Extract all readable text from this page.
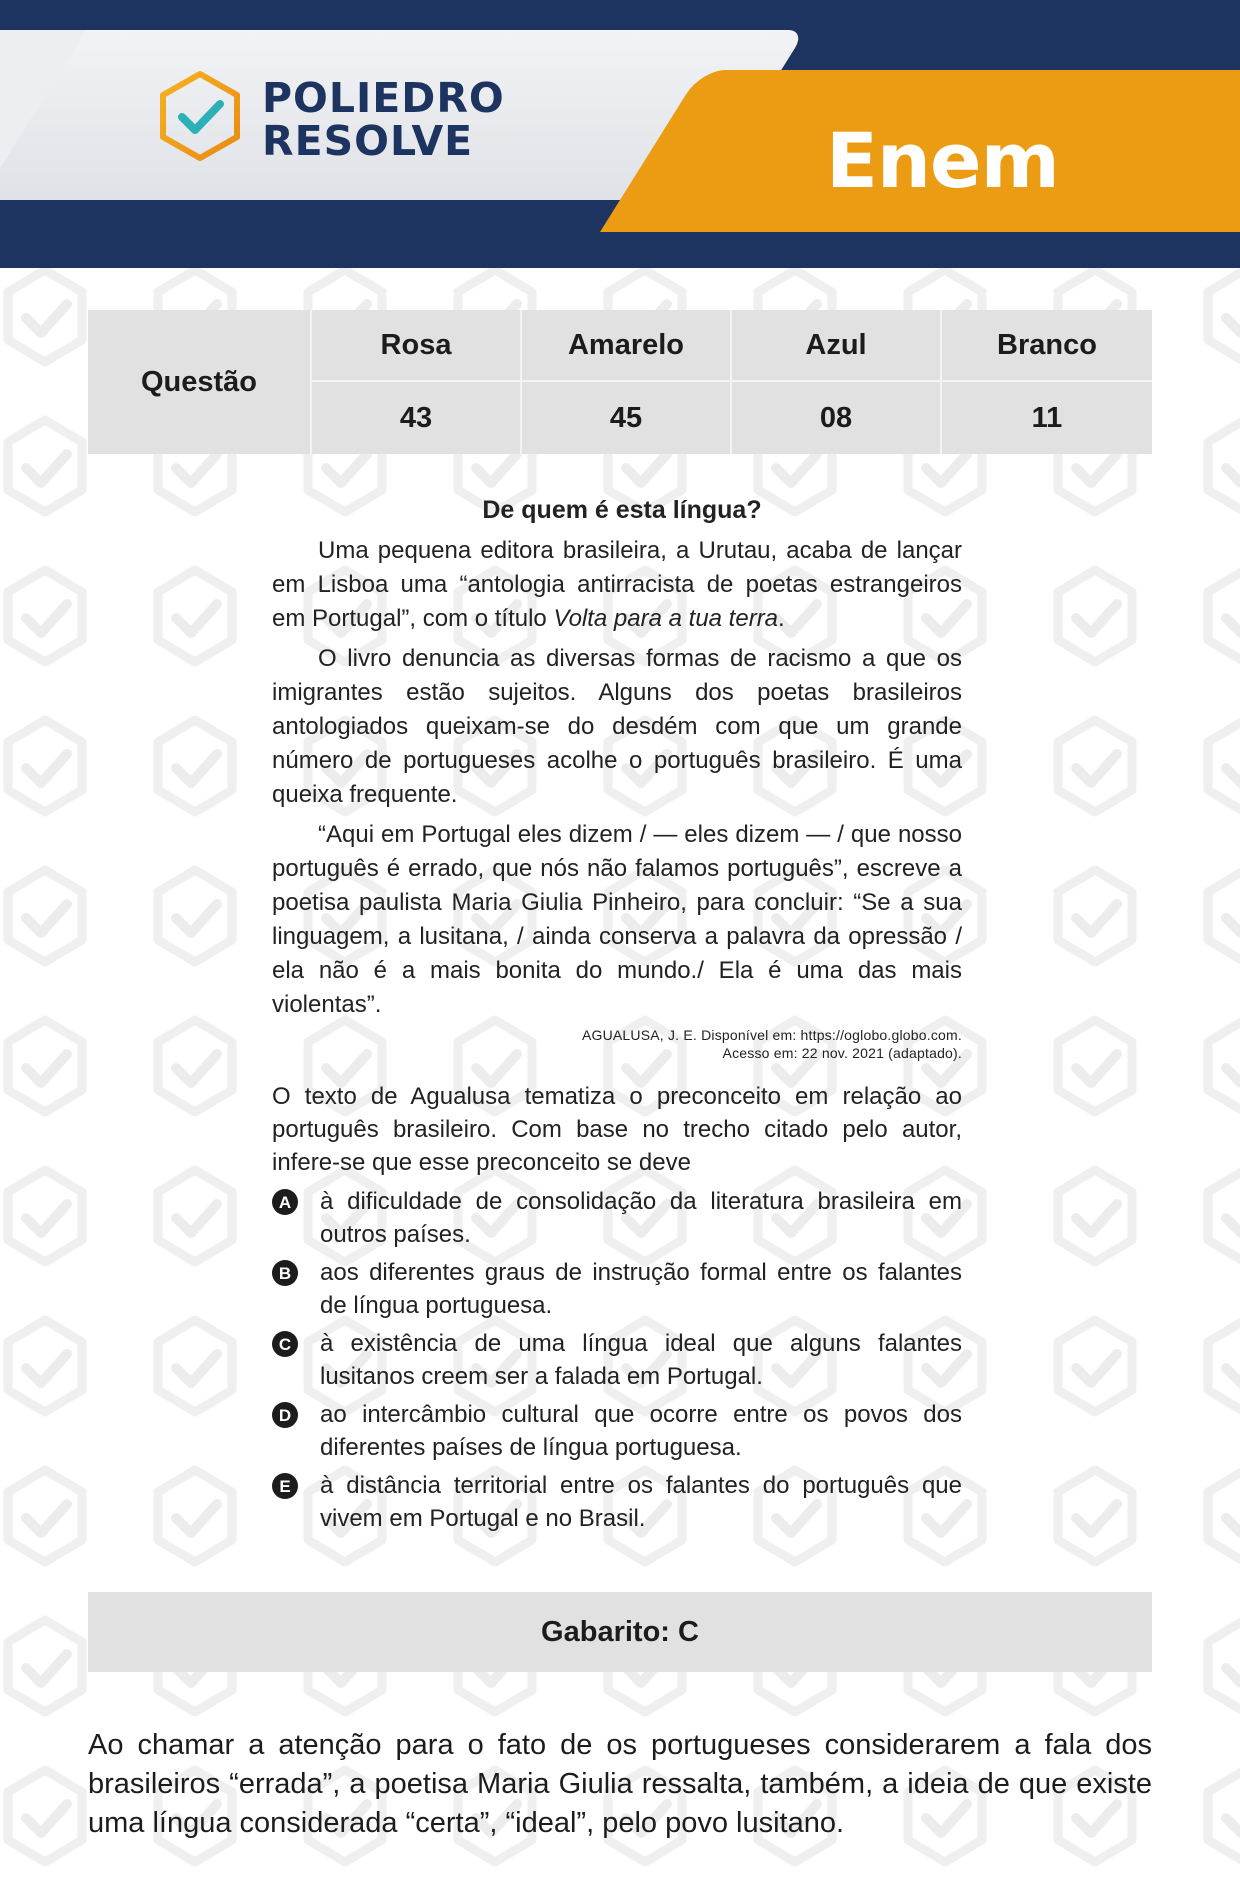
POLIEDRO
RESOLVE	Enem
Questão
Rosa	Amarelo	Azul	Branco
43	45	08	11
De quem é esta língua?

Uma pequena editora brasileira, a Urutau, acaba de lançar em Lisboa uma “antologia antirracista de poetas estrangeiros em Portugal”, com o título Volta para a tua terra.

O livro denuncia as diversas formas de racismo a que os imigrantes estão sujeitos. Alguns dos poetas brasileiros antologiados queixam-se do desdém com que um grande número de portugueses acolhe o português brasileiro. É uma queixa frequente.

“Aqui em Portugal eles dizem / — eles dizem — / que nosso português é errado, que nós não falamos português”, escreve a poetisa paulista Maria Giulia Pinheiro, para concluir: “Se a sua linguagem, a lusitana, / ainda conserva a palavra da opressão / ela não é a mais bonita do mundo./ Ela é uma das mais violentas”.

AGUALUSA, J. E. Disponível em: https://oglobo.globo.com.
Acesso em: 22 nov. 2021 (adaptado).

O texto de Agualusa tematiza o preconceito em relação ao português brasileiro. Com base no trecho citado pelo autor, infere-se que esse preconceito se deve

A à dificuldade de consolidação da literatura brasileira em outros países.
B aos diferentes graus de instrução formal entre os falantes de língua portuguesa.
C à existência de uma língua ideal que alguns falantes lusitanos creem ser a falada em Portugal.
D ao intercâmbio cultural que ocorre entre os povos dos diferentes países de língua portuguesa.
E	à distância territorial entre os falantes do português que vivem em Portugal e no Brasil.
Gabarito: C

Ao chamar a atenção para o fato de os portugueses considerarem a fala dos brasileiros “errada”, a poetisa Maria Giulia ressalta, também, a ideia de que existe uma língua considerada “certa”, “ideal”, pelo povo lusitano.
